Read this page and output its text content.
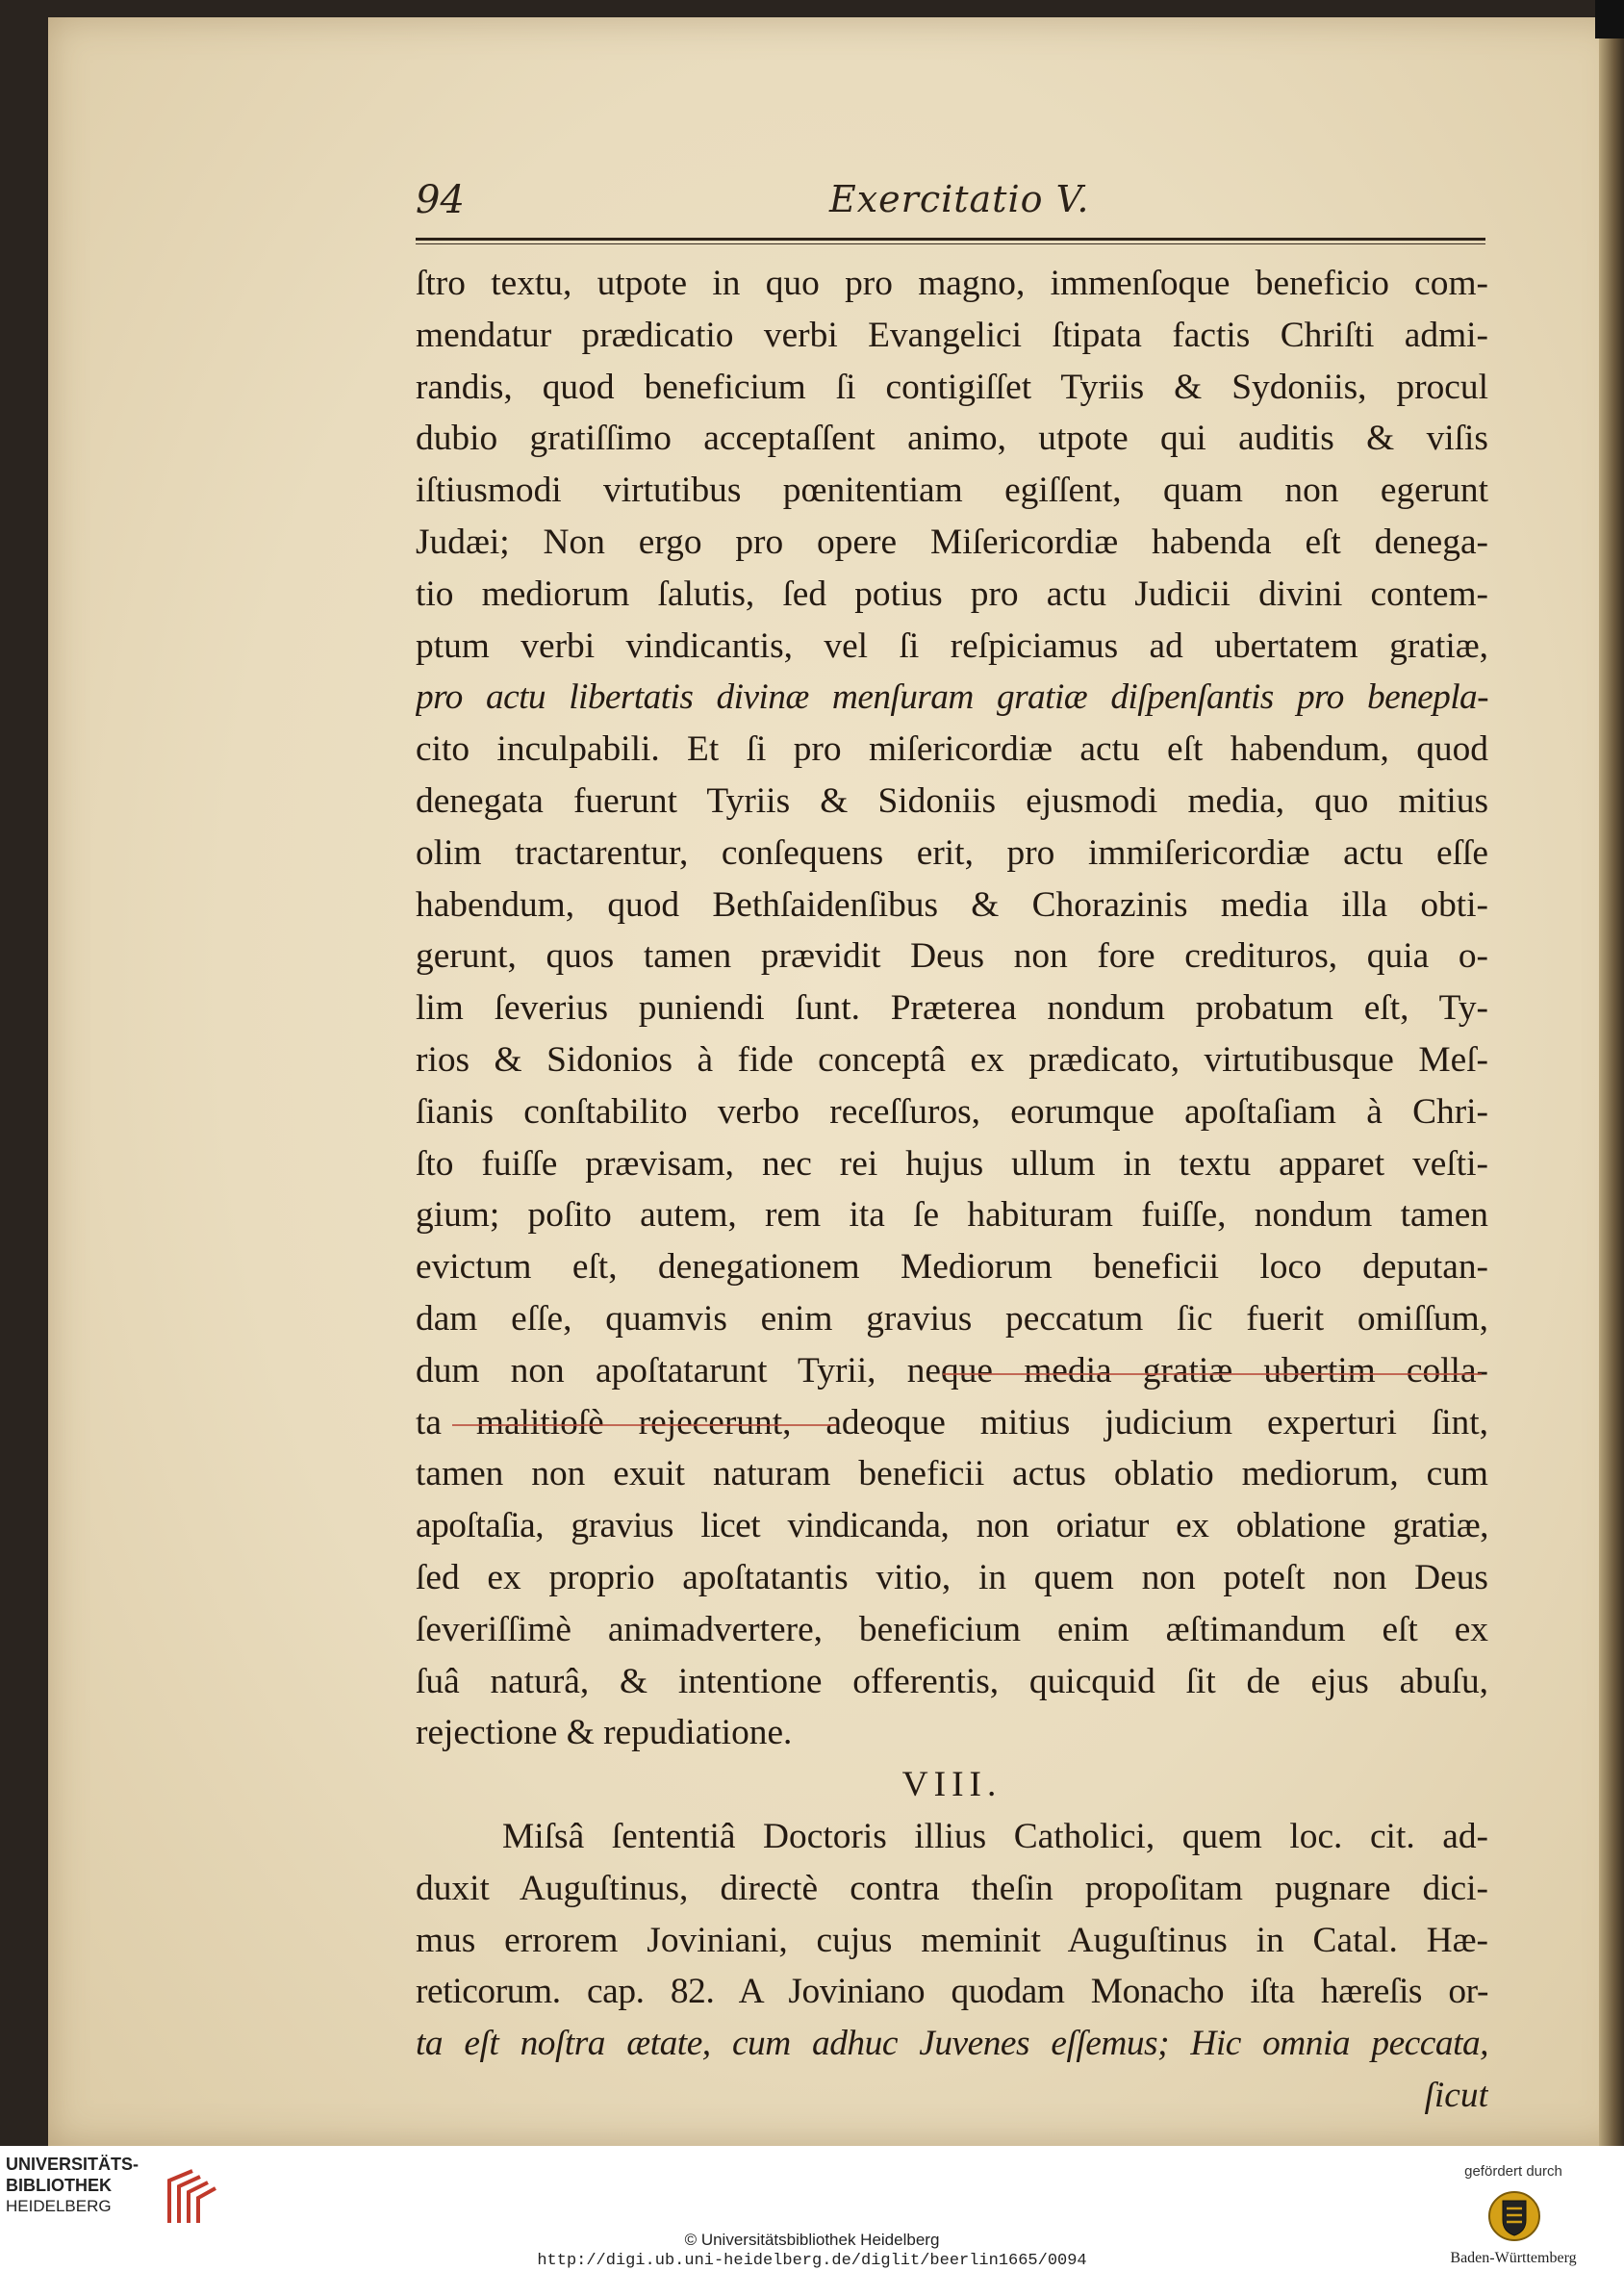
94	Exercitatio V.
ſtro textu, utpote in quo pro magno, immenſoque beneficio com-
mendatur prædicatio verbi Evangelici ſtipata factis Chriſti admi-
randis, quod beneficium ſi contigiſſet Tyriis & Sydoniis, procul
dubio gratiſſimo acceptaſſent animo, utpote qui auditis & viſis
iſtiusmodi virtutibus pœnitentiam egiſſent, quam non egerunt
Judæi; Non ergo pro opere Miſericordiæ habenda eſt denega-
tio mediorum ſalutis, ſed potius pro actu Judicii divini contem-
ptum verbi vindicantis, vel ſi reſpiciamus ad ubertatem gratiæ,
pro actu libertatis divinæ menſuram gratiæ diſpenſantis pro benepla-
cito inculpabili. Et ſi pro miſericordiæ actu eſt habendum, quod
denegata fuerunt Tyriis & Sidoniis ejusmodi media, quo mitius
olim tractarentur, conſequens erit, pro immiſericordiæ actu eſſe
habendum, quod Bethſaidenſibus & Chorazinis media illa obti-
gerunt, quos tamen prævidit Deus non fore credituros, quia o-
lim ſeverius puniendi ſunt. Præterea nondum probatum eſt, Ty-
rios & Sidonios à fide conceptâ ex prædicato, virtutibusque Meſ-
ſianis conſtabilito verbo receſſuros, eorumque apoſtaſiam à Chri-
ſto fuiſſe prævisam, nec rei hujus ullum in textu apparet veſti-
gium; poſito autem, rem ita ſe habituram fuiſſe, nondum tamen
evictum eſt, denegationem Mediorum beneficii loco deputan-
dam eſſe, quamvis enim gravius peccatum ſic fuerit omiſſum,
dum non apoſtatarunt Tyrii, neque media gratiæ ubertim colla-
ta malitioſè rejecerunt, adeoque mitius judicium experturi ſint,
tamen non exuit naturam beneficii actus oblatio mediorum, cum
apoſtaſia, gravius licet vindicanda, non oriatur ex oblatione gratiæ,
ſed ex proprio apoſtatantis vitio, in quem non poteſt non Deus
ſeveriſſimè animadvertere, beneficium enim æſtimandum eſt ex
ſuâ naturâ, & intentione offerentis, quicquid ſit de ejus abuſu,
rejectione & repudiatione.
VIII.
Miſsâ ſententiâ Doctoris illius Catholici, quem loc. cit. ad-
duxit Auguſtinus, directè contra theſin propoſitam pugnare dici-
mus errorem Joviniani, cujus meminit Auguſtinus in Catal. Hæ-
reticorum. cap. 82. A Joviniano quodam Monacho iſta hæreſis or-
ta eſt noſtra ætate, cum adhuc Juvenes eſſemus; Hic omnia peccata,
ſicut
UNIVERSITÄTS-
BIBLIOTHEK
HEIDELBERG
© Universitätsbibliothek Heidelberg
http://digi.ub.uni-heidelberg.de/diglit/beerlin1665/0094
gefördert durch
Baden-Württemberg
